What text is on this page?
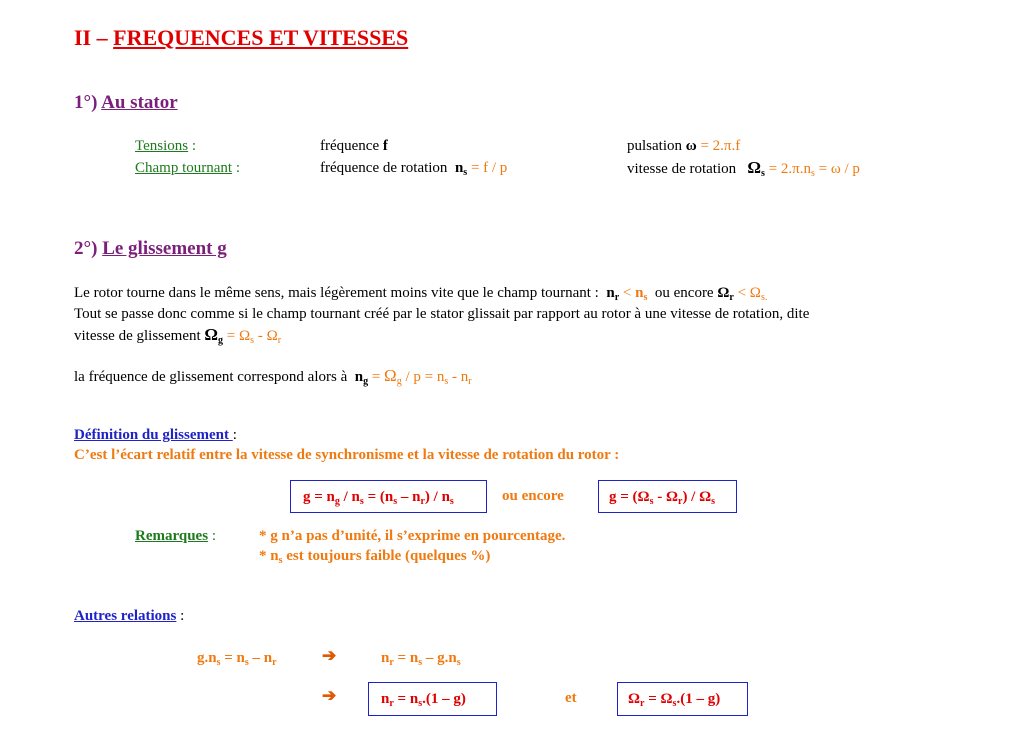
II – FREQUENCES ET VITESSES
1°) Au stator
Tensions :	fréquence f	pulsation ω = 2.π.f
Champ tournant :	fréquence de rotation $n_s = f / p$	vitesse de rotation $\Omega_s = 2.\pi.n_s = \omega / p$
2°) Le glissement g
Le rotor tourne dans le même sens, mais légèrement moins vite que le champ tournant : $n_r < n_s$ ou encore $\Omega_r < \Omega_{s.}$
Tout se passe donc comme si le champ tournant créé par le stator glissait par rapport au rotor à une vitesse de rotation, dite
vitesse de glissement $\Omega_g = \Omega_s - \Omega_r$
la fréquence de glissement correspond alors à $n_g = \Omega_g / p = n_s - n_r$
Définition du glissement :
C’est l’écart relatif entre la vitesse de synchronisme et la vitesse de rotation du rotor :
$g = n_g / n_s = (n_s - n_r) / n_s$	ou encore	$g = (\Omega_s - \Omega_r) / \Omega_s$
Remarques :	* g n’a pas d’unité, il s’exprime en pourcentage.
* $n_s$ est toujours faible (quelques %)
Autres relations :
$g.n_s = n_s - n_r$	➔	$n_r = n_s - g.n_s$
➔	$n_r = n_s.(1 - g)$	et	$\Omega_r = \Omega_s.(1 - g)$
